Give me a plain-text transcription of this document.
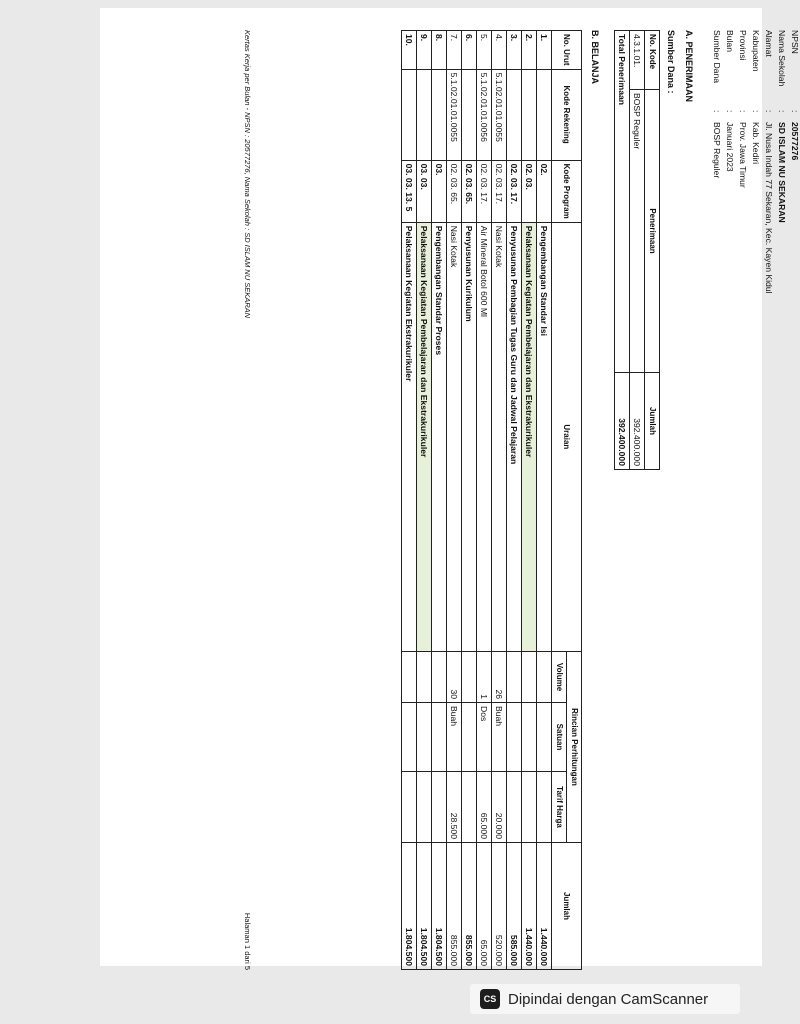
NPSN
:
20577276
Nama Sekolah
:
SD ISLAM NU SEKARAN
Alamat
:
Jl. Nusa Indah 77 Sekaran, Kec. Kayen Kidul
Kabupaten
:
Kab. Kediri
Provinsi
:
Prov. Jawa Timur
Bulan
:
Januari 2023
Sumber Dana
:
BOSP Reguler
A. PENERIMAAN
Sumber Dana :
No. Kode	Penerimaan	Jumlah
4.3.1.01.	BOSP Reguler	392.400.000
Total Penerimaan		392.400.000
B. BELANJA
No. Urut	Kode Rekening	Kode Program	Uraian	Rincian Perhitungan			Jumlah
				Volume	Satuan	Tarif Harga	
1.		02.	Pengembangan Standar Isi				1.440.000
2.		02. 03.	Pelaksanaan Kegiatan Pembelajaran dan Ekstrakurikuler				1.440.000
3.		02. 03. 17.	Penyusunan Pembagian Tugas Guru dan Jadwal Pelajaran				585.000
4.	5.1.02.01.01.0055	02. 03. 17.	Nasi Kotak	26	Buah	20.000	520.000
5.	5.1.02.01.01.0056	02. 03. 17.	Air Mineral Botol 600 Ml	1	Dos	65.000	65.000
6.		02. 03. 65.	Penyusunan Kurikulum				855.000
7.	5.1.02.01.01.0055	02. 03. 65.	Nasi Kotak	30	Buah	28.500	855.000
8.		03.	Pengembangan Standar Proses				1.804.500
9.		03. 03.	Pelaksanaan Kegiatan Pembelajaran dan Ekstrakurikuler				1.804.500
10.		03. 03. 13. 5	Pelaksanaan Kegiatan Ekstrakurikuler				1.804.500
Kertas Kerja per Bulan - NPSN : 20577276, Nama Sekolah : SD ISLAM NU SEKARAN
Halaman 1 dari 5
CS Dipindai dengan CamScanner
